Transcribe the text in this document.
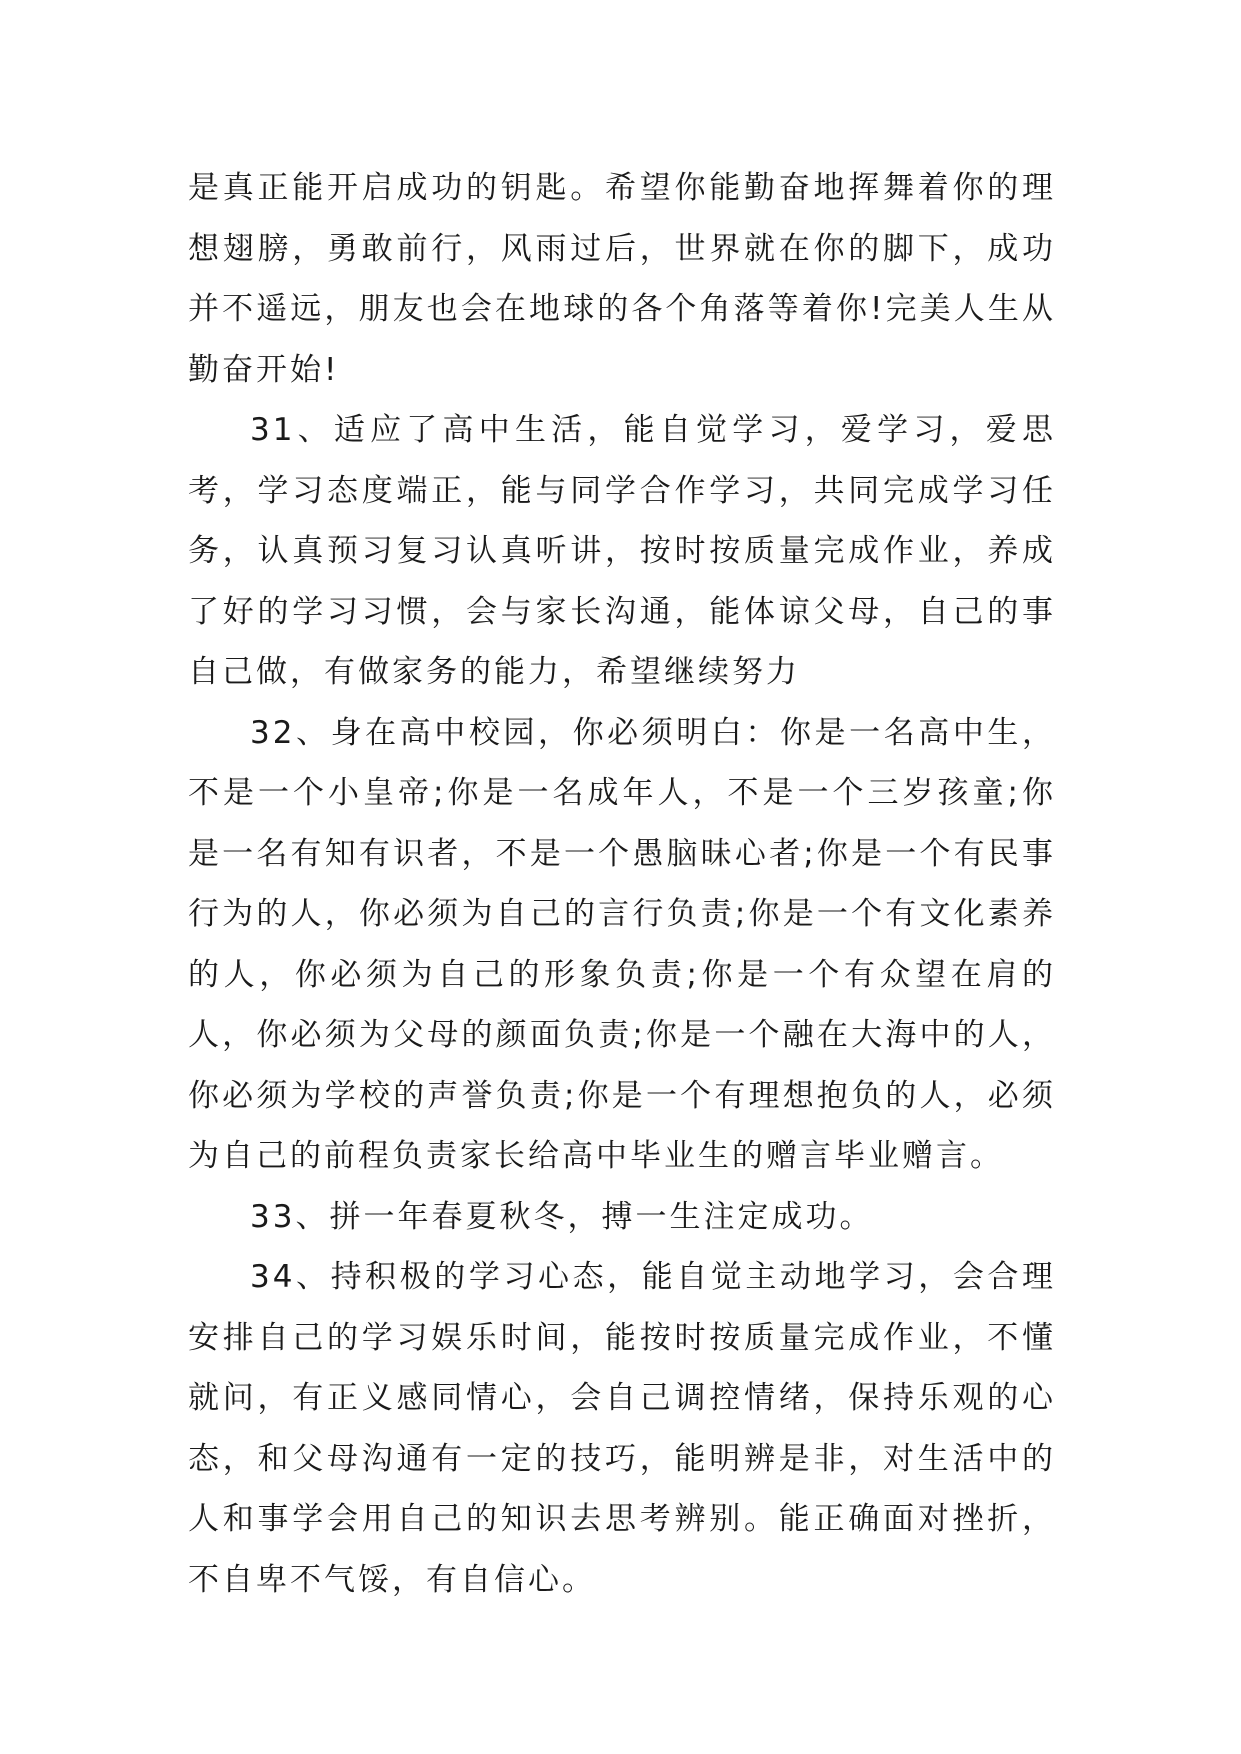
是真正能开启成功的钥匙。希望你能勤奋地挥舞着你的理想翅膀，勇敢前行，风雨过后，世界就在你的脚下，成功并不遥远，朋友也会在地球的各个角落等着你!完美人生从勤奋开始!

31、适应了高中生活，能自觉学习，爱学习，爱思考，学习态度端正，能与同学合作学习，共同完成学习任务，认真预习复习认真听讲，按时按质量完成作业，养成了好的学习习惯，会与家长沟通，能体谅父母，自己的事自己做，有做家务的能力，希望继续努力

32、身在高中校园，你必须明白：你是一名高中生，不是一个小皇帝;你是一名成年人，不是一个三岁孩童;你是一名有知有识者，不是一个愚脑昧心者;你是一个有民事行为的人，你必须为自己的言行负责;你是一个有文化素养的人，你必须为自己的形象负责;你是一个有众望在肩的人，你必须为父母的颜面负责;你是一个融在大海中的人，你必须为学校的声誉负责;你是一个有理想抱负的人，必须为自己的前程负责家长给高中毕业生的赠言毕业赠言。

33、拼一年春夏秋冬，搏一生注定成功。

34、持积极的学习心态，能自觉主动地学习，会合理安排自己的学习娱乐时间，能按时按质量完成作业，不懂就问，有正义感同情心，会自己调控情绪，保持乐观的心态，和父母沟通有一定的技巧，能明辨是非，对生活中的人和事学会用自己的知识去思考辨别。能正确面对挫折，不自卑不气馁，有自信心。
